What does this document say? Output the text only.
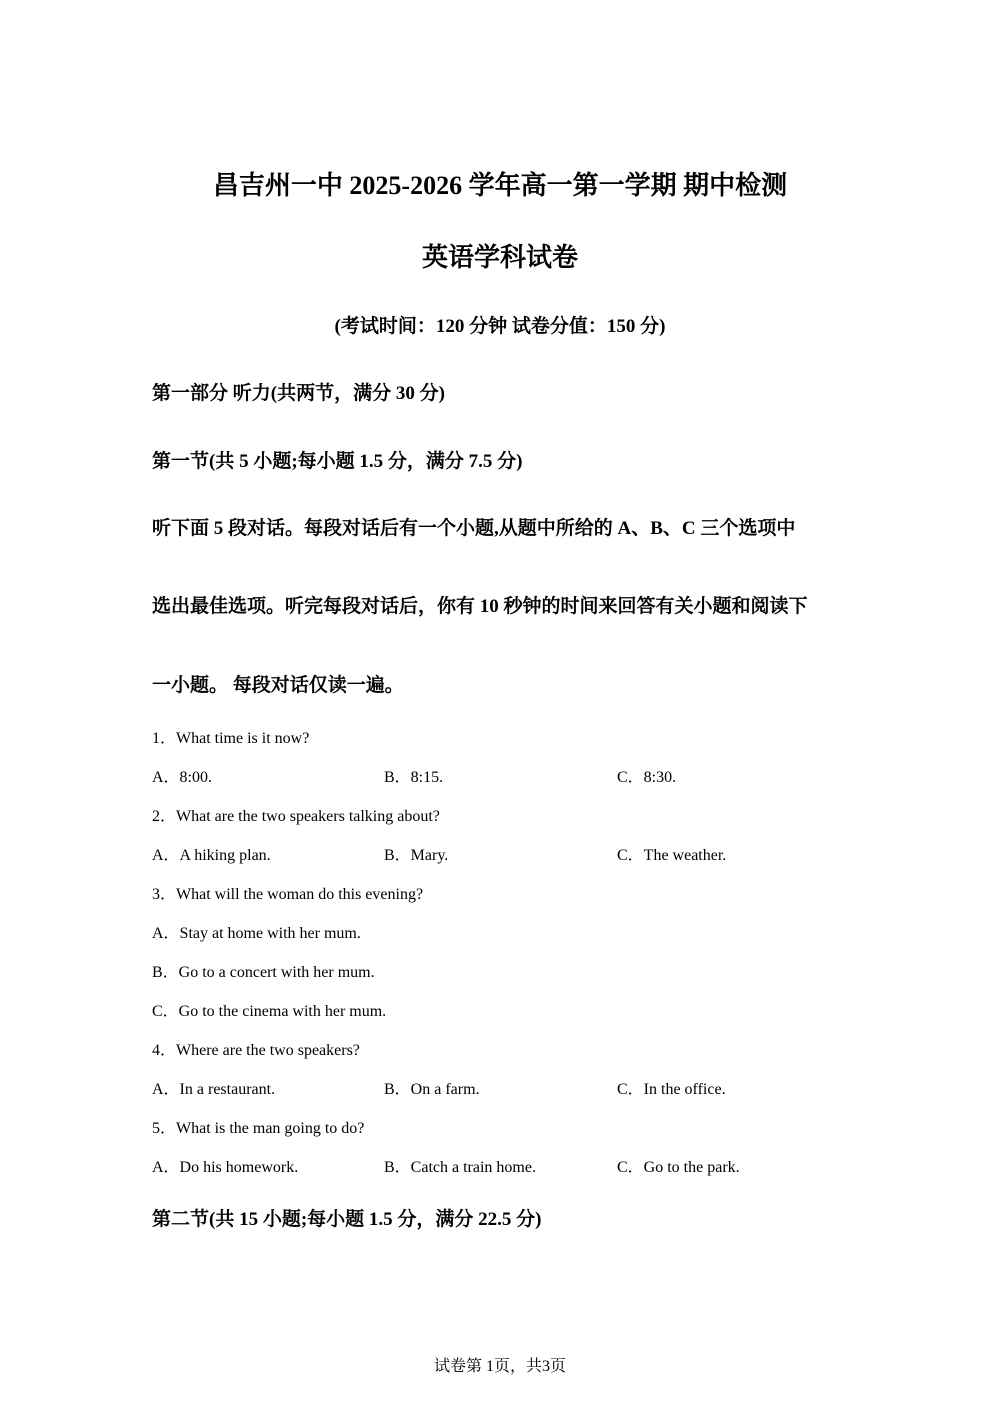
昌吉州一中 2025-2026 学年高一第一学期 期中检测
英语学科试卷
(考试时间：120 分钟 试卷分值：150 分)
第一部分 听力(共两节，满分 30 分)
第一节(共 5 小题;每小题 1.5 分，满分 7.5 分)
听下面 5 段对话。每段对话后有一个小题,从题中所给的 A、B、C 三个选项中
选出最佳选项。听完每段对话后，你有 10 秒钟的时间来回答有关小题和阅读下
一小题。 每段对话仅读一遍。
1．What time is it now?
A．8:00.	B．8:15.	C．8:30.
2．What are the two speakers talking about?
A．A hiking plan.	B．Mary.	C．The weather.
3．What will the woman do this evening?
A．Stay at home with her mum.
B．Go to a concert with her mum.
C．Go to the cinema with her mum.
4．Where are the two speakers?
A．In a restaurant.	B．On a farm.	C．In the office.
5．What is the man going to do?
A．Do his homework.	B．Catch a train home.	C．Go to the park.
第二节(共 15 小题;每小题 1.5 分，满分 22.5 分)
试卷第 1页，共3页
